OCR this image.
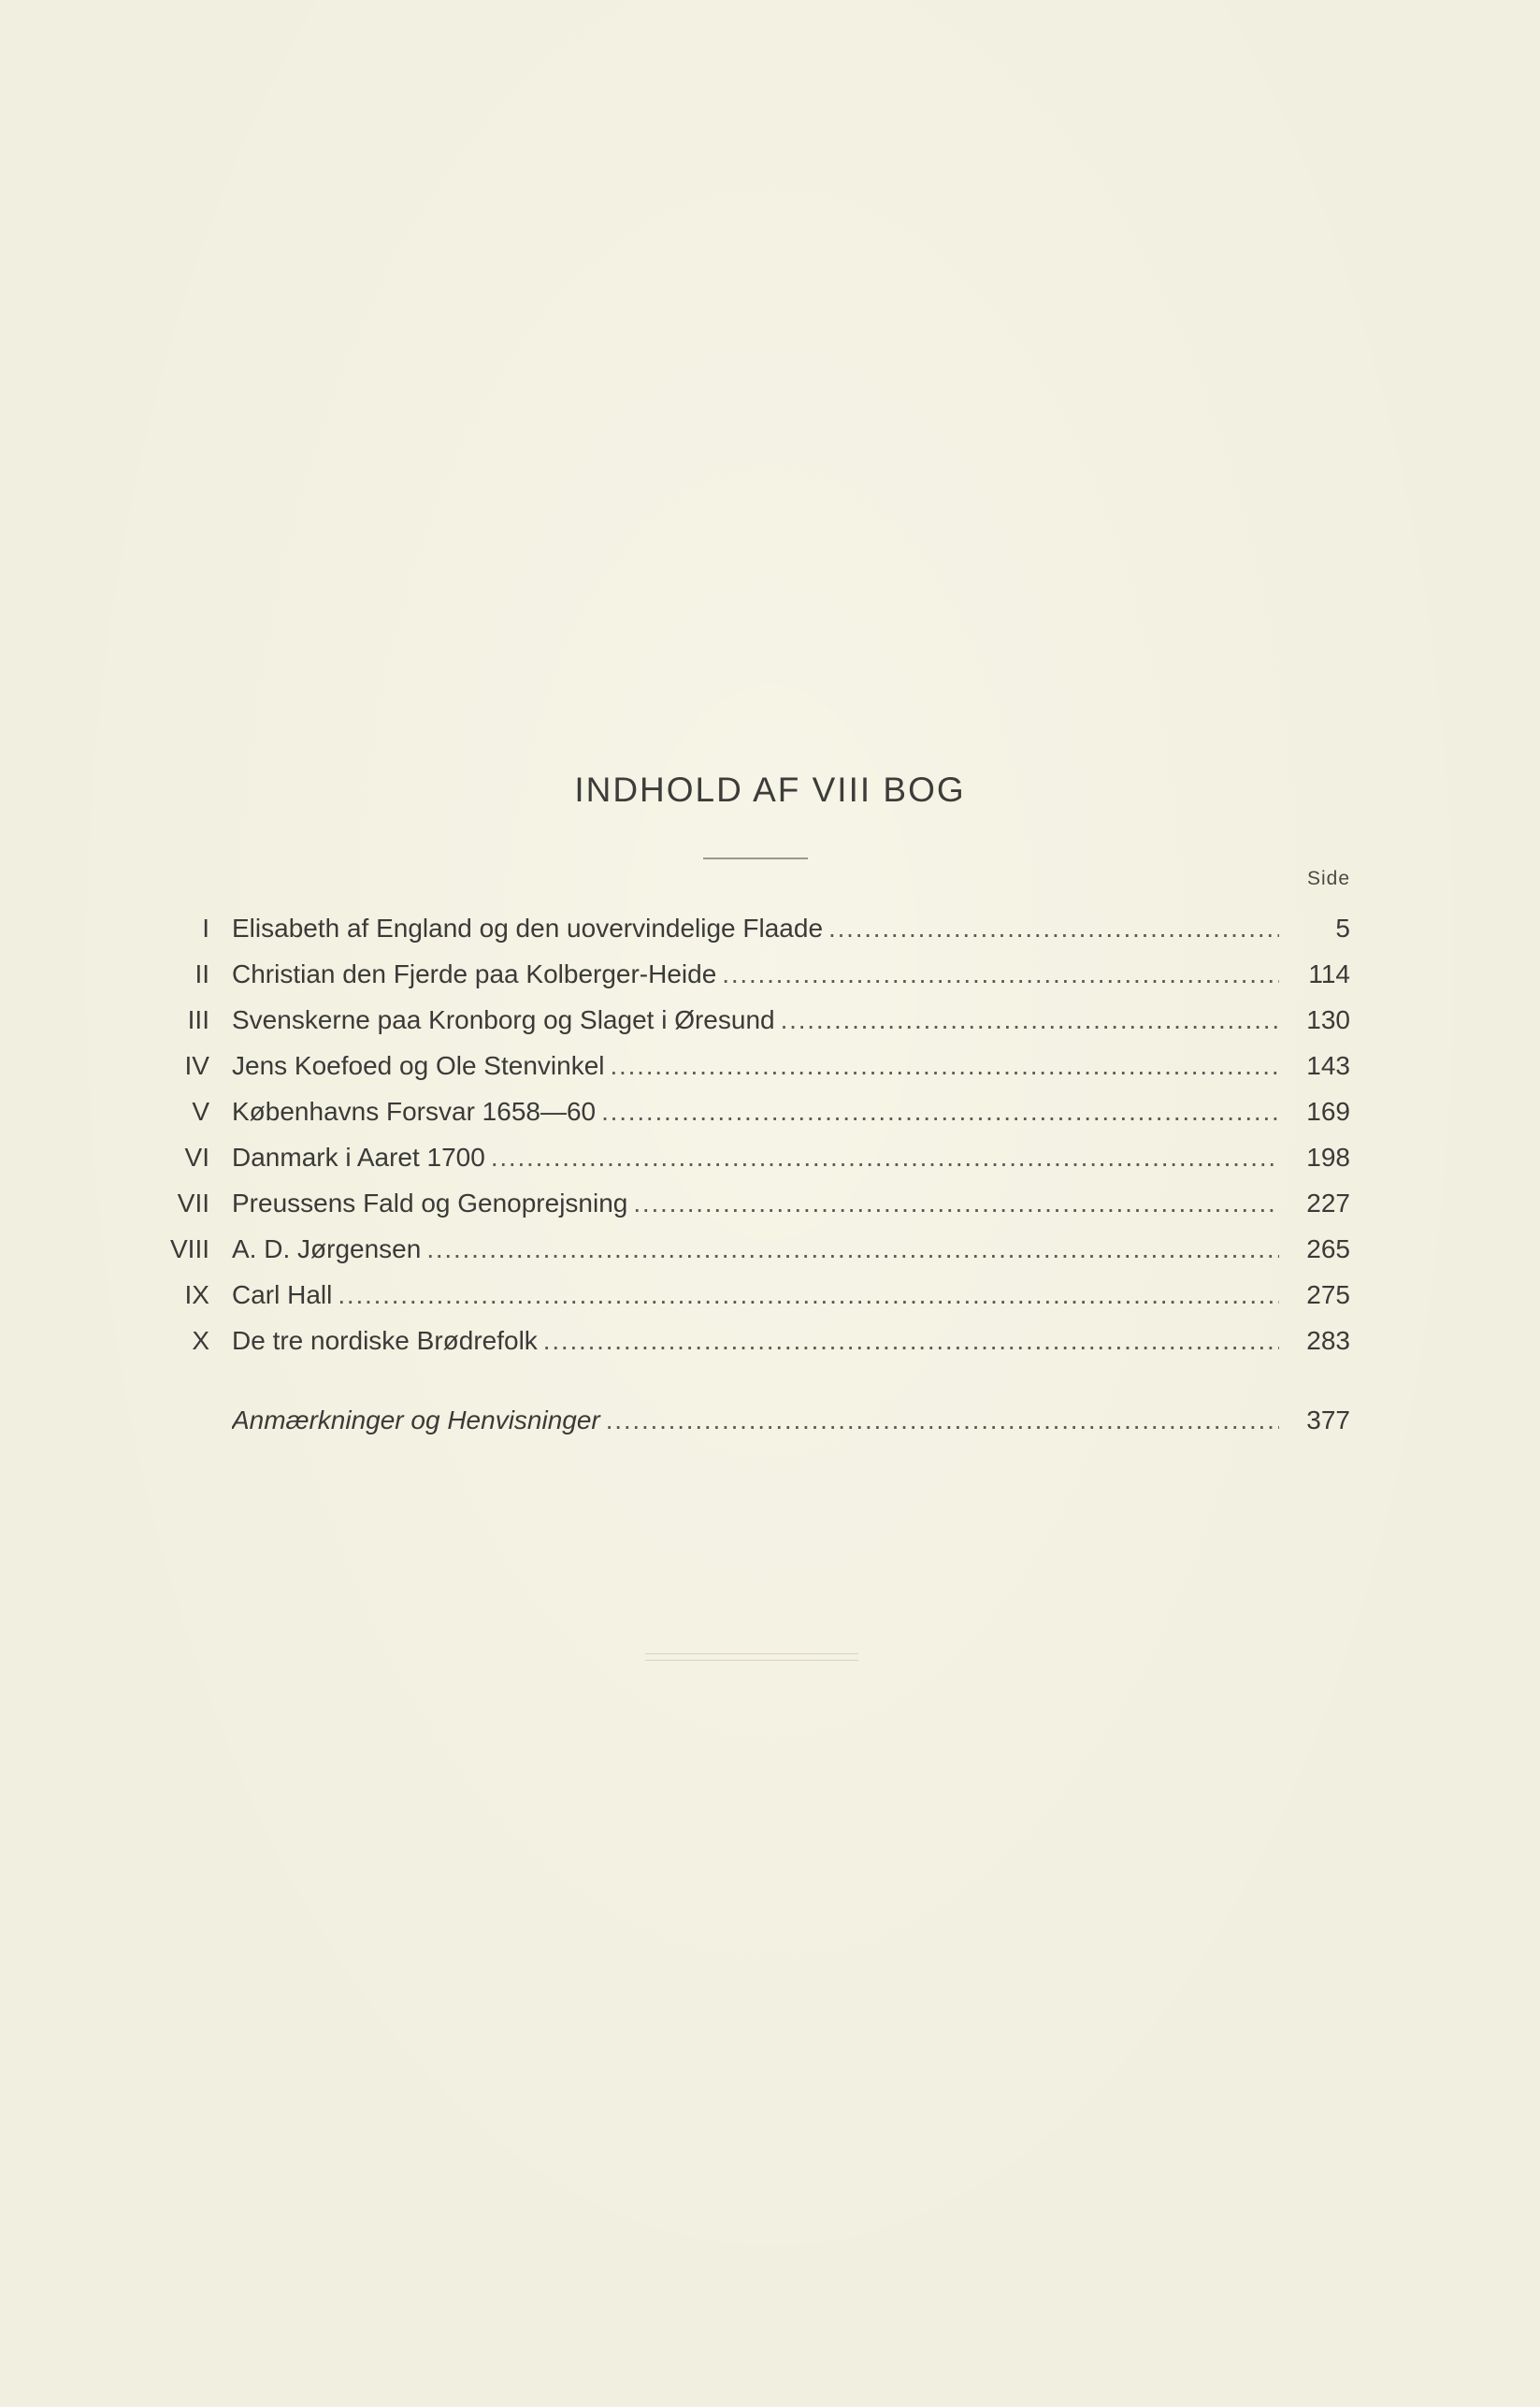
INDHOLD AF VIII BOG
Side
I Elisabeth af England og den uovervindelige Flaade . . .	5
II Christian den Fjerde paa Kolberger-Heide . . .	114
III Svenskerne paa Kronborg og Slaget i Øresund . . .	130
IV Jens Koefoed og Ole Stenvinkel . . .	143
V Københavns Forsvar 1658—60 . . .	169
VI Danmark i Aaret 1700 . . .	198
VII Preussens Fald og Genoprejsning . . .	227
VIII A. D. Jørgensen . . .	265
IX Carl Hall . . .	275
X De tre nordiske Brødrefolk . . .	283
Anmærkninger og Henvisninger . . .	377
